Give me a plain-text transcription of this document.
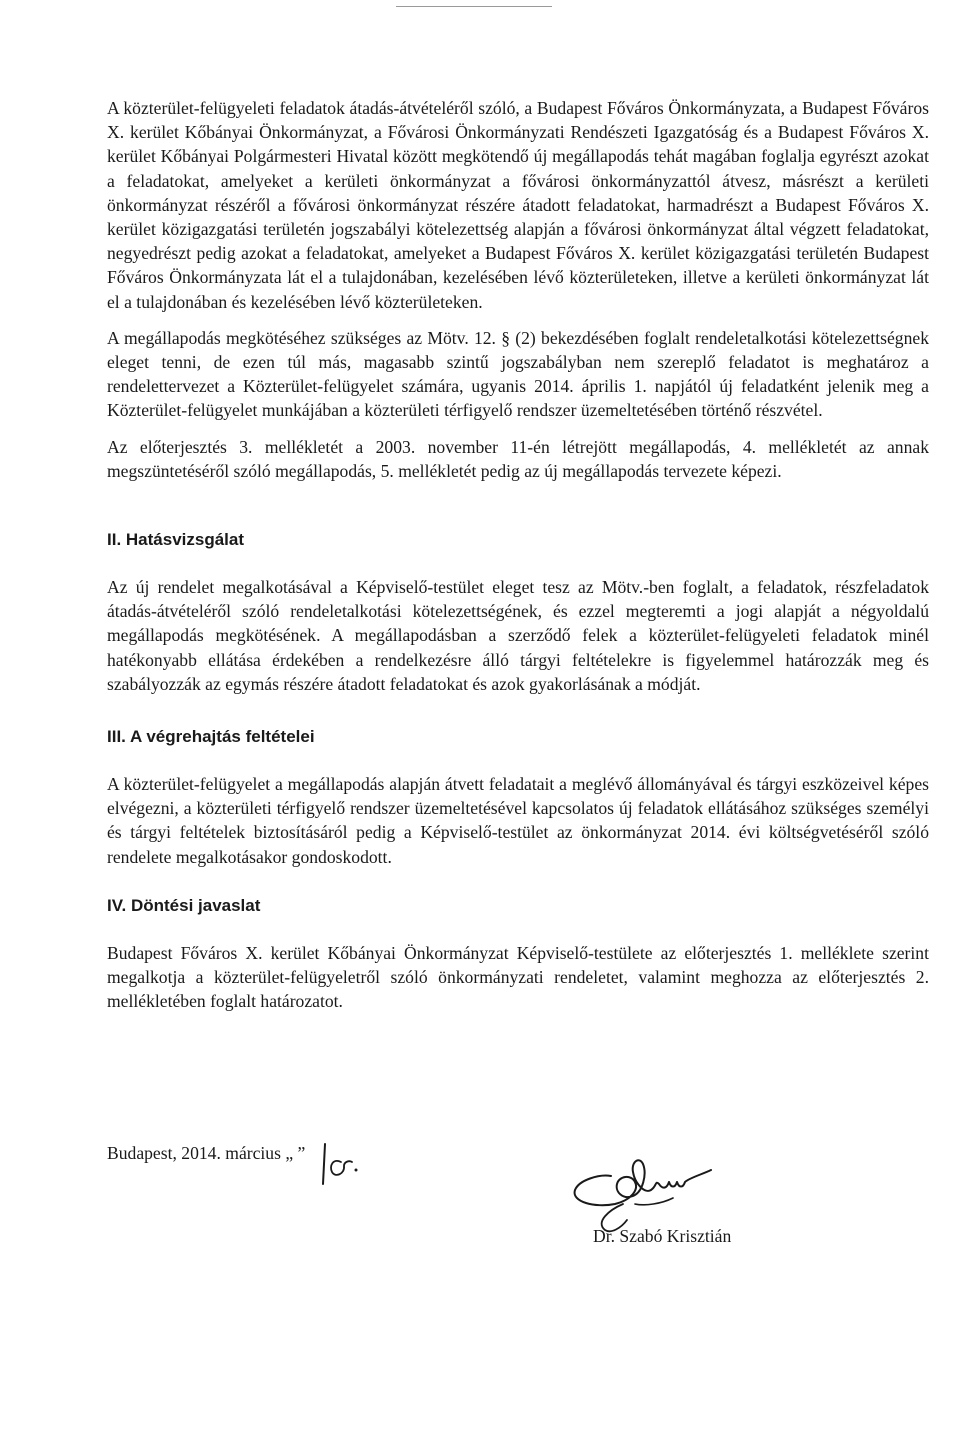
A közterület-felügyeleti feladatok átadás-átvételéről szóló, a Budapest Főváros Önkormányzata, a Budapest Főváros X. kerület Kőbányai Önkormányzat, a Fővárosi Önkormányzati Rendészeti Igazgatóság és a Budapest Főváros X. kerület Kőbányai Polgármesteri Hivatal között megkötendő új megállapodás tehát magában foglalja egyrészt azokat a feladatokat, amelyeket a kerületi önkormányzat a fővárosi önkormányzattól átvesz, másrészt a kerületi önkormányzat részéről a fővárosi önkormányzat részére átadott feladatokat, harmadrészt a Budapest Főváros X. kerület közigazgatási területén jogszabályi kötelezettség alapján a fővárosi önkormányzat által végzett feladatokat, negyedrészt pedig azokat a feladatokat, amelyeket a Budapest Főváros X. kerület közigazgatási területén Budapest Főváros Önkormányzata lát el a tulajdonában, kezelésében lévő közterületeken, illetve a kerületi önkormányzat lát el a tulajdonában és kezelésében lévő közterületeken.

A megállapodás megkötéséhez szükséges az Mötv. 12. § (2) bekezdésében foglalt rendeletalkotási kötelezettségnek eleget tenni, de ezen túl más, magasabb szintű jogszabályban nem szereplő feladatot is meghatároz a rendelettervezet a Közterület-felügyelet számára, ugyanis 2014. április 1. napjától új feladatként jelenik meg a Közterület-felügyelet munkájában a közterületi térfigyelő rendszer üzemeltetésében történő részvétel.

Az előterjesztés 3. mellékletét a 2003. november 11-én létrejött megállapodás, 4. mellékletét az annak megszüntetéséről szóló megállapodás, 5. mellékletét pedig az új megállapodás tervezete képezi.

II. Hatásvizsgálat

Az új rendelet megalkotásával a Képviselő-testület eleget tesz az Mötv.-ben foglalt, a feladatok, részfeladatok átadás-átvételéről szóló rendeletalkotási kötelezettségének, és ezzel megteremti a jogi alapját a négyoldalú megállapodás megkötésének. A megállapodásban a szerződő felek a közterület-felügyeleti feladatok minél hatékonyabb ellátása érdekében a rendelkezésre álló tárgyi feltételekre is figyelemmel határozzák meg és szabályozzák az egymás részére átadott feladatokat és azok gyakorlásának a módját.

III. A végrehajtás feltételei

A közterület-felügyelet a megállapodás alapján átvett feladatait a meglévő állományával és tárgyi eszközeivel képes elvégezni, a közterületi térfigyelő rendszer üzemeltetésével kapcsolatos új feladatok ellátásához szükséges személyi és tárgyi feltételek biztosításáról pedig a Képviselő-testület az önkormányzat 2014. évi költségvetéséről szóló rendelete megalkotásakor gondoskodott.

IV. Döntési javaslat

Budapest Főváros X. kerület Kőbányai Önkormányzat Képviselő-testülete az előterjesztés 1. melléklete szerint megalkotja a közterület-felügyeletről szóló önkormányzati rendeletet, valamint meghozza az előterjesztés 2. mellékletében foglalt határozatot.

Budapest, 2014. március „ ”
Dr. Szabó Krisztián
